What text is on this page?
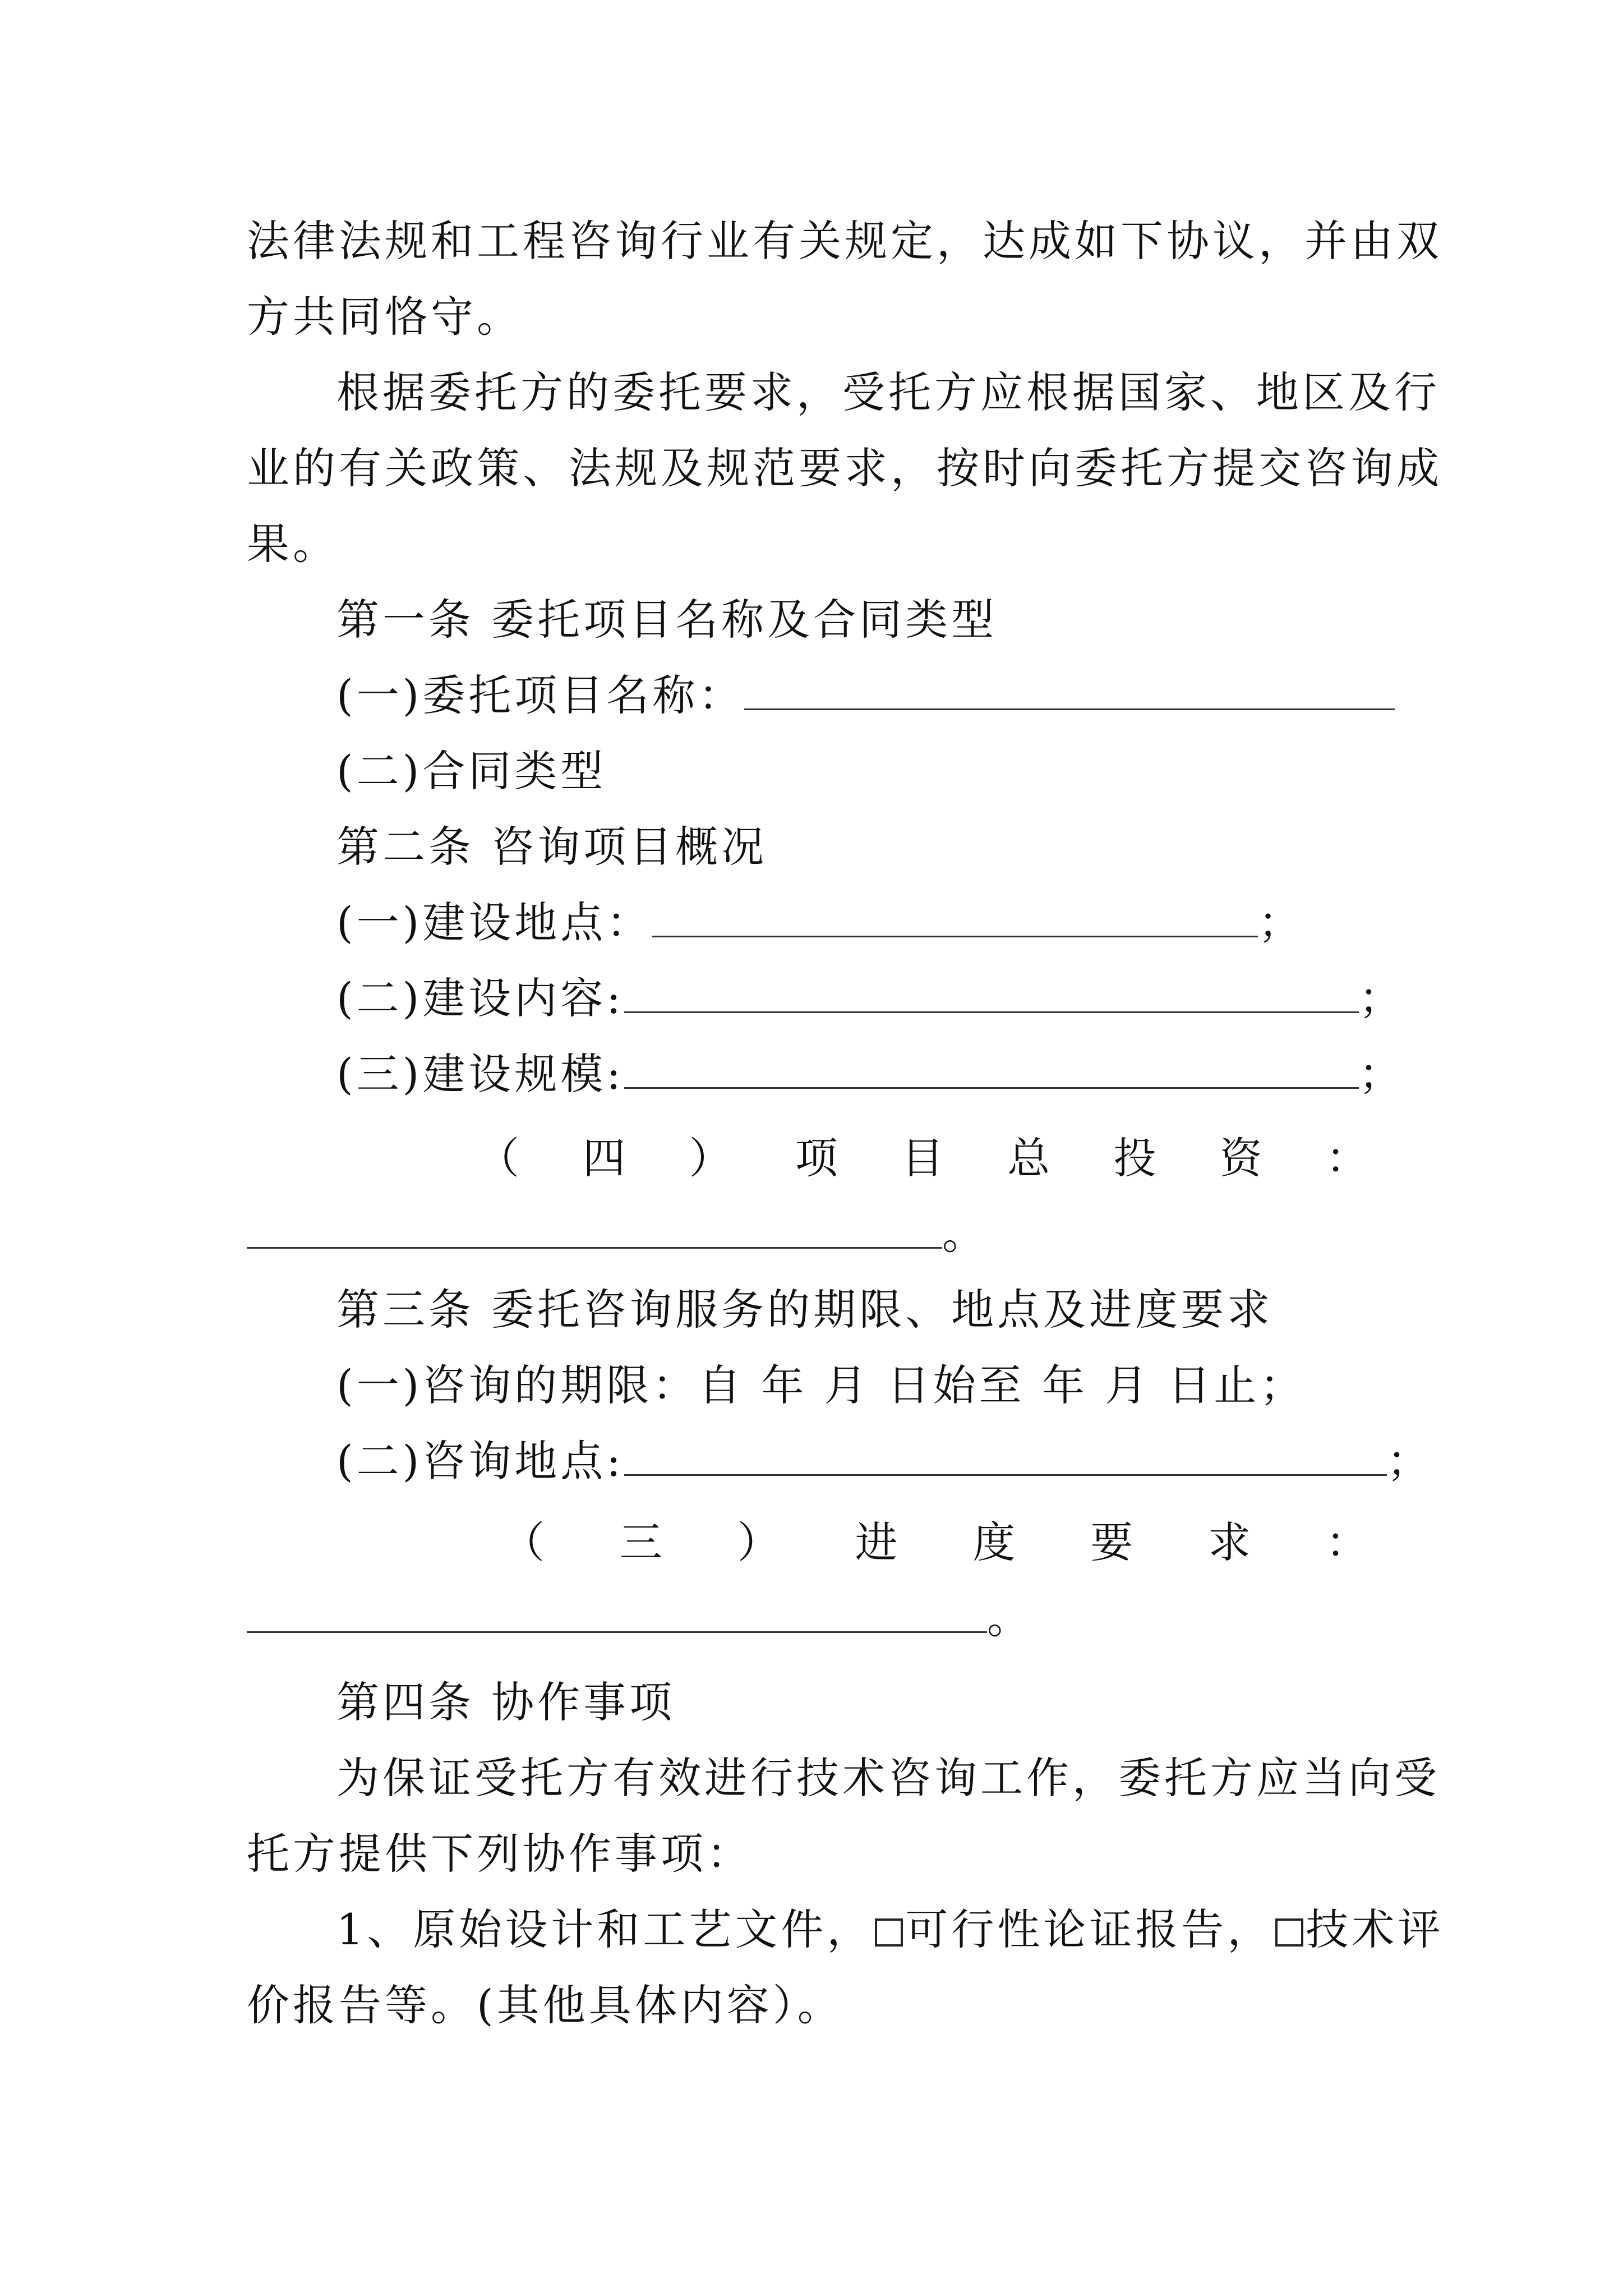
法律法规和工程咨询行业有关规定，达成如下协议，并由双
方共同恪守。
根据委托方的委托要求，受托方应根据国家、地区及行
业的有关政策、法规及规范要求，按时向委托方提交咨询成
果。
第一条 委托项目名称及合同类型
(一)委托项目名称：
(二)合同类型
第二条 咨询项目概况
(一)建设地点：	；
(二)建设内容:	；
(三)建设规模:	；
（ 四 ） 项 目 总 投 资 ：
。
第三条 委托咨询服务的期限、地点及进度要求
(一)咨询的期限：自 年 月 日始至 年 月 日止；
(二)咨询地点:	；
（ 三 ） 进 度 要 求 ：
。
第四条 协作事项
为保证受托方有效进行技术咨询工作，委托方应当向受
托方提供下列协作事项：
1、原始设计和工艺文件， 可行性论证报告， 技术评
价报告等。(其他具体内容）。
